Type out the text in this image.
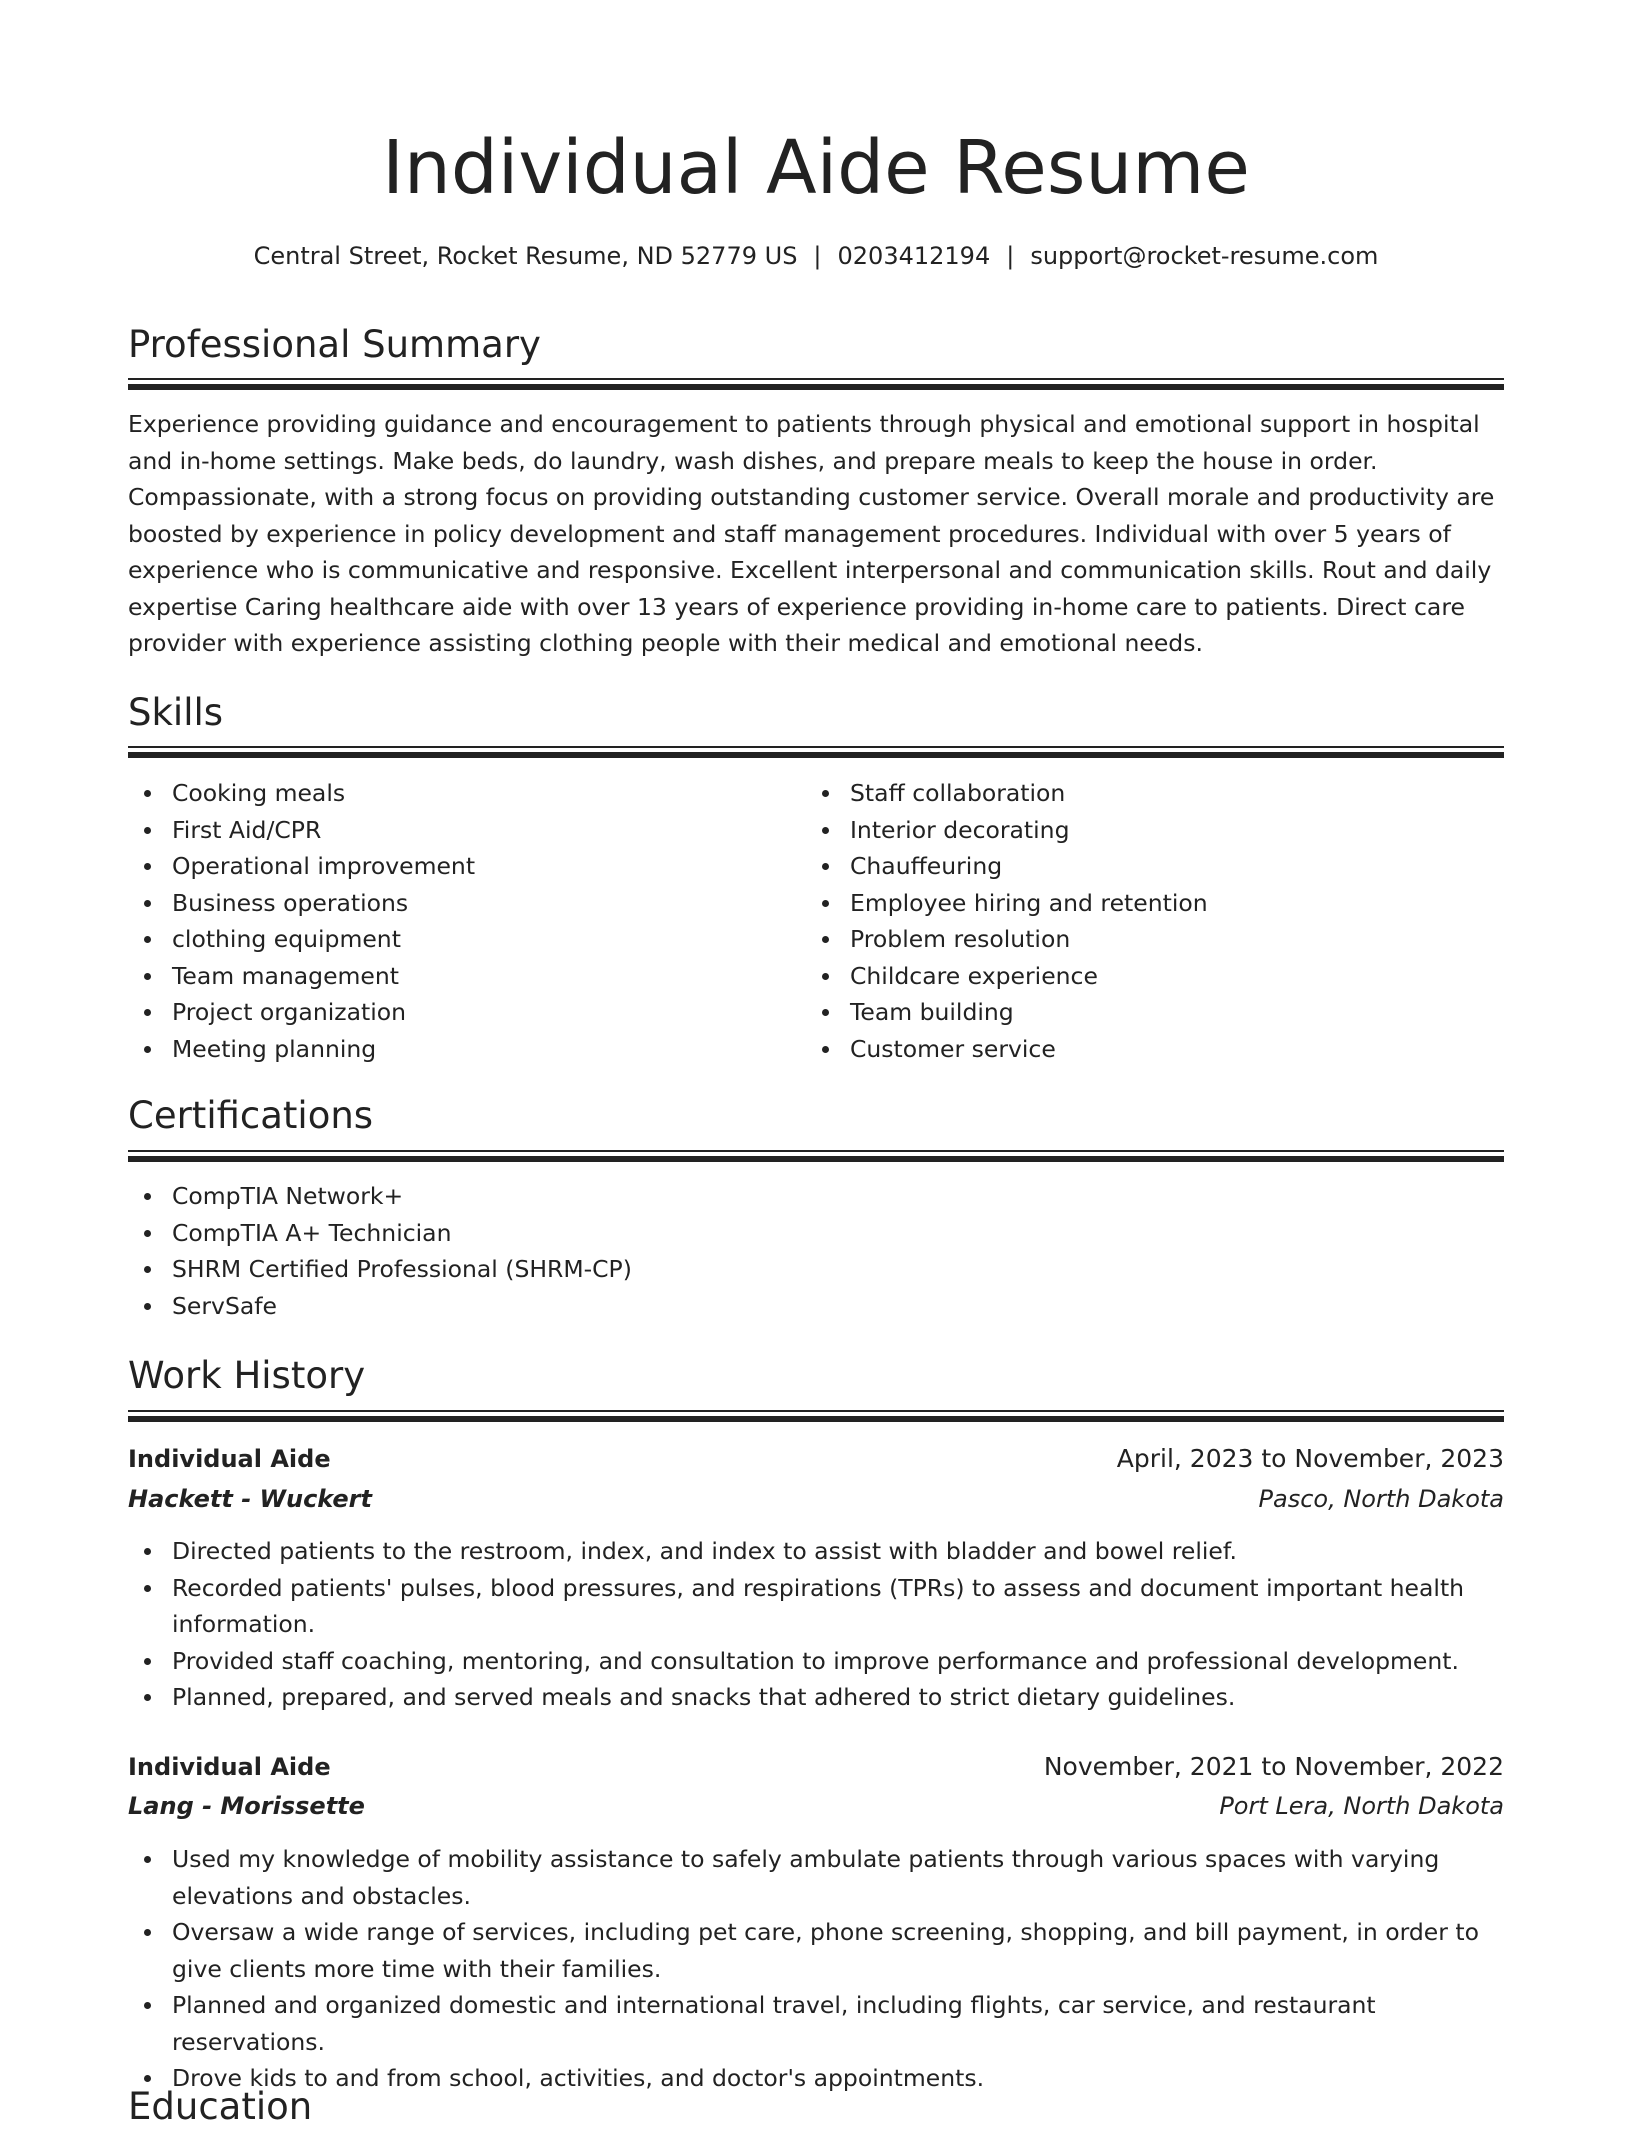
Individual Aide Resume
Central Street, Rocket Resume, ND 52779 US | 0203412194 | support@rocket-resume.com
Professional Summary
Experience providing guidance and encouragement to patients through physical and emotional support in hospital and in-home settings. Make beds, do laundry, wash dishes, and prepare meals to keep the house in order. Compassionate, with a strong focus on providing outstanding customer service. Overall morale and productivity are boosted by experience in policy development and staff management procedures. Individual with over 5 years of experience who is communicative and responsive. Excellent interpersonal and communication skills. Rout and daily expertise Caring healthcare aide with over 13 years of experience providing in-home care to patients. Direct care provider with experience assisting clothing people with their medical and emotional needs.
Skills
Cooking meals
First Aid/CPR
Operational improvement
Business operations
clothing equipment
Team management
Project organization
Meeting planning
Staff collaboration
Interior decorating
Chauffeuring
Employee hiring and retention
Problem resolution
Childcare experience
Team building
Customer service
Certifications
CompTIA Network+
CompTIA A+ Technician
SHRM Certified Professional (SHRM-CP)
ServSafe
Work History
Individual Aide	April, 2023 to November, 2023
Hackett - Wuckert	Pasco, North Dakota
Directed patients to the restroom, index, and index to assist with bladder and bowel relief.
Recorded patients' pulses, blood pressures, and respirations (TPRs) to assess and document important health information.
Provided staff coaching, mentoring, and consultation to improve performance and professional development.
Planned, prepared, and served meals and snacks that adhered to strict dietary guidelines.
Individual Aide	November, 2021 to November, 2022
Lang - Morissette	Port Lera, North Dakota
Used my knowledge of mobility assistance to safely ambulate patients through various spaces with varying elevations and obstacles.
Oversaw a wide range of services, including pet care, phone screening, shopping, and bill payment, in order to give clients more time with their families.
Planned and organized domestic and international travel, including flights, car service, and restaurant reservations.
Drove kids to and from school, activities, and doctor's appointments.
Education
